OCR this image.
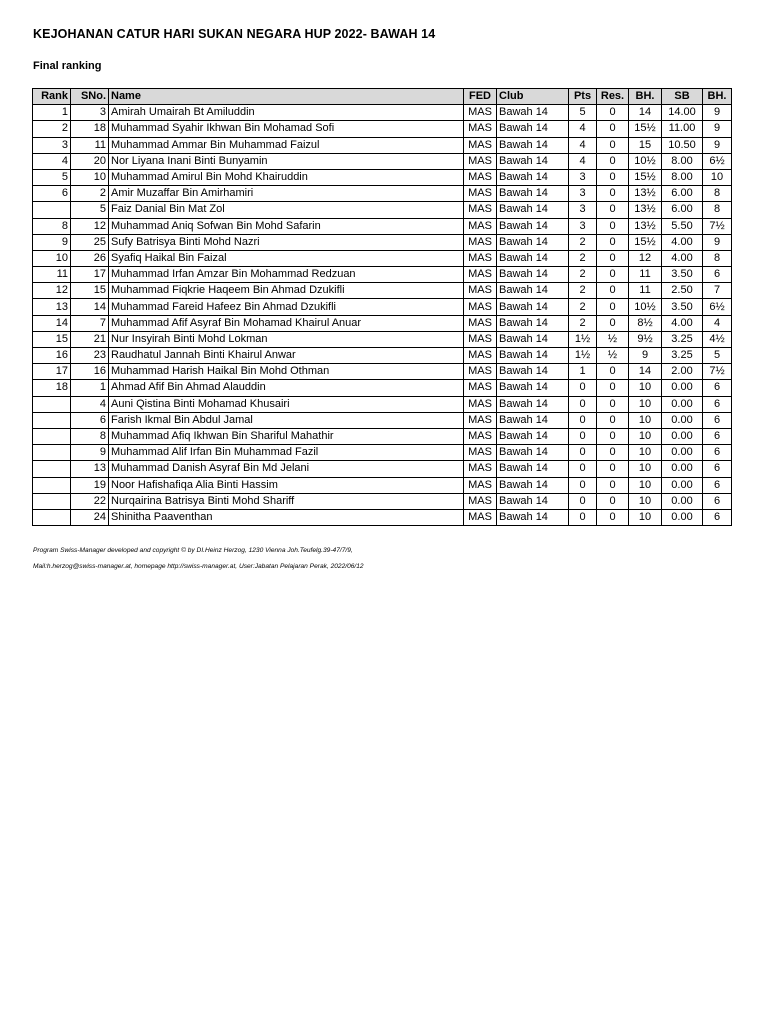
KEJOHANAN CATUR HARI SUKAN NEGARA HUP 2022- BAWAH 14
Final ranking
Rank	SNo.	Name	FED	Club	Pts	Res.	BH.	SB	BH.
1	3	Amirah Umairah Bt Amiluddin	MAS	Bawah 14	5	0	14	14.00	9
2	18	Muhammad Syahir Ikhwan Bin Mohamad Sofi	MAS	Bawah 14	4	0	15½	11.00	9
3	11	Muhammad Ammar Bin Muhammad Faizul	MAS	Bawah 14	4	0	15	10.50	9
4	20	Nor Liyana Inani Binti Bunyamin	MAS	Bawah 14	4	0	10½	8.00	6½
5	10	Muhammad Amirul Bin Mohd Khairuddin	MAS	Bawah 14	3	0	15½	8.00	10
6	2	Amir Muzaffar Bin Amirhamiri	MAS	Bawah 14	3	0	13½	6.00	8
	5	Faiz Danial Bin Mat Zol	MAS	Bawah 14	3	0	13½	6.00	8
8	12	Muhammad Aniq Sofwan Bin Mohd Safarin	MAS	Bawah 14	3	0	13½	5.50	7½
9	25	Sufy Batrisya Binti Mohd Nazri	MAS	Bawah 14	2	0	15½	4.00	9
10	26	Syafiq Haikal Bin Faizal	MAS	Bawah 14	2	0	12	4.00	8
11	17	Muhammad Irfan Amzar Bin Mohammad Redzuan	MAS	Bawah 14	2	0	11	3.50	6
12	15	Muhammad Fiqkrie Haqeem Bin Ahmad Dzukifli	MAS	Bawah 14	2	0	11	2.50	7
13	14	Muhammad Fareid Hafeez Bin Ahmad Dzukifli	MAS	Bawah 14	2	0	10½	3.50	6½
14	7	Muhammad Afif Asyraf Bin Mohamad Khairul Anuar	MAS	Bawah 14	2	0	8½	4.00	4
15	21	Nur Insyirah Binti Mohd Lokman	MAS	Bawah 14	1½	½	9½	3.25	4½
16	23	Raudhatul Jannah Binti Khairul Anwar	MAS	Bawah 14	1½	½	9	3.25	5
17	16	Muhammad Harish Haikal Bin Mohd Othman	MAS	Bawah 14	1	0	14	2.00	7½
18	1	Ahmad Afif Bin Ahmad Alauddin	MAS	Bawah 14	0	0	10	0.00	6
	4	Auni Qistina Binti Mohamad Khusairi	MAS	Bawah 14	0	0	10	0.00	6
	6	Farish Ikmal Bin Abdul Jamal	MAS	Bawah 14	0	0	10	0.00	6
	8	Muhammad Afiq Ikhwan Bin Shariful Mahathir	MAS	Bawah 14	0	0	10	0.00	6
	9	Muhammad Alif Irfan Bin Muhammad Fazil	MAS	Bawah 14	0	0	10	0.00	6
	13	Muhammad Danish Asyraf Bin Md Jelani	MAS	Bawah 14	0	0	10	0.00	6
	19	Noor Hafishafiqa Alia Binti Hassim	MAS	Bawah 14	0	0	10	0.00	6
	22	Nurqairina Batrisya Binti Mohd Shariff	MAS	Bawah 14	0	0	10	0.00	6
	24	Shinitha Paaventhan	MAS	Bawah 14	0	0	10	0.00	6
Program Swiss-Manager developed and copyright © by DI.Heinz Herzog, 1230 Vienna Joh.Teufelg.39-47/7/9,
Mail:h.herzog@swiss-manager.at, homepage http://swiss-manager.at, User:Jabatan Pelajaran Perak, 2022/06/12
